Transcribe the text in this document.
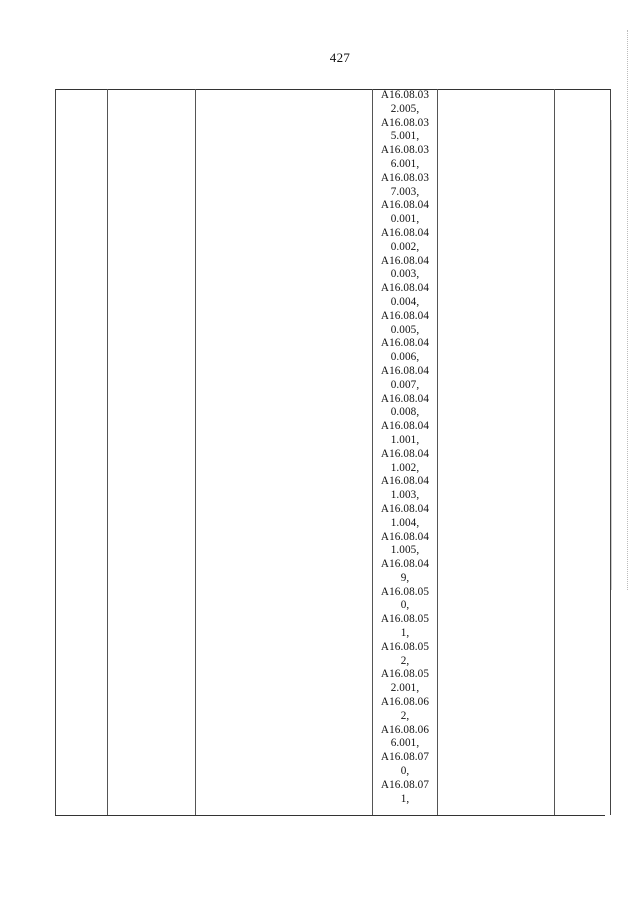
427
A16.08.03
2.005,
A16.08.03
5.001,
A16.08.03
6.001,
A16.08.03
7.003,
A16.08.04
0.001,
A16.08.04
0.002,
A16.08.04
0.003,
A16.08.04
0.004,
A16.08.04
0.005,
A16.08.04
0.006,
A16.08.04
0.007,
A16.08.04
0.008,
A16.08.04
1.001,
A16.08.04
1.002,
A16.08.04
1.003,
A16.08.04
1.004,
A16.08.04
1.005,
A16.08.04
9,
A16.08.05
0,
A16.08.05
1,
A16.08.05
2,
A16.08.05
2.001,
A16.08.06
2,
A16.08.06
6.001,
A16.08.07
0,
A16.08.07
1,
